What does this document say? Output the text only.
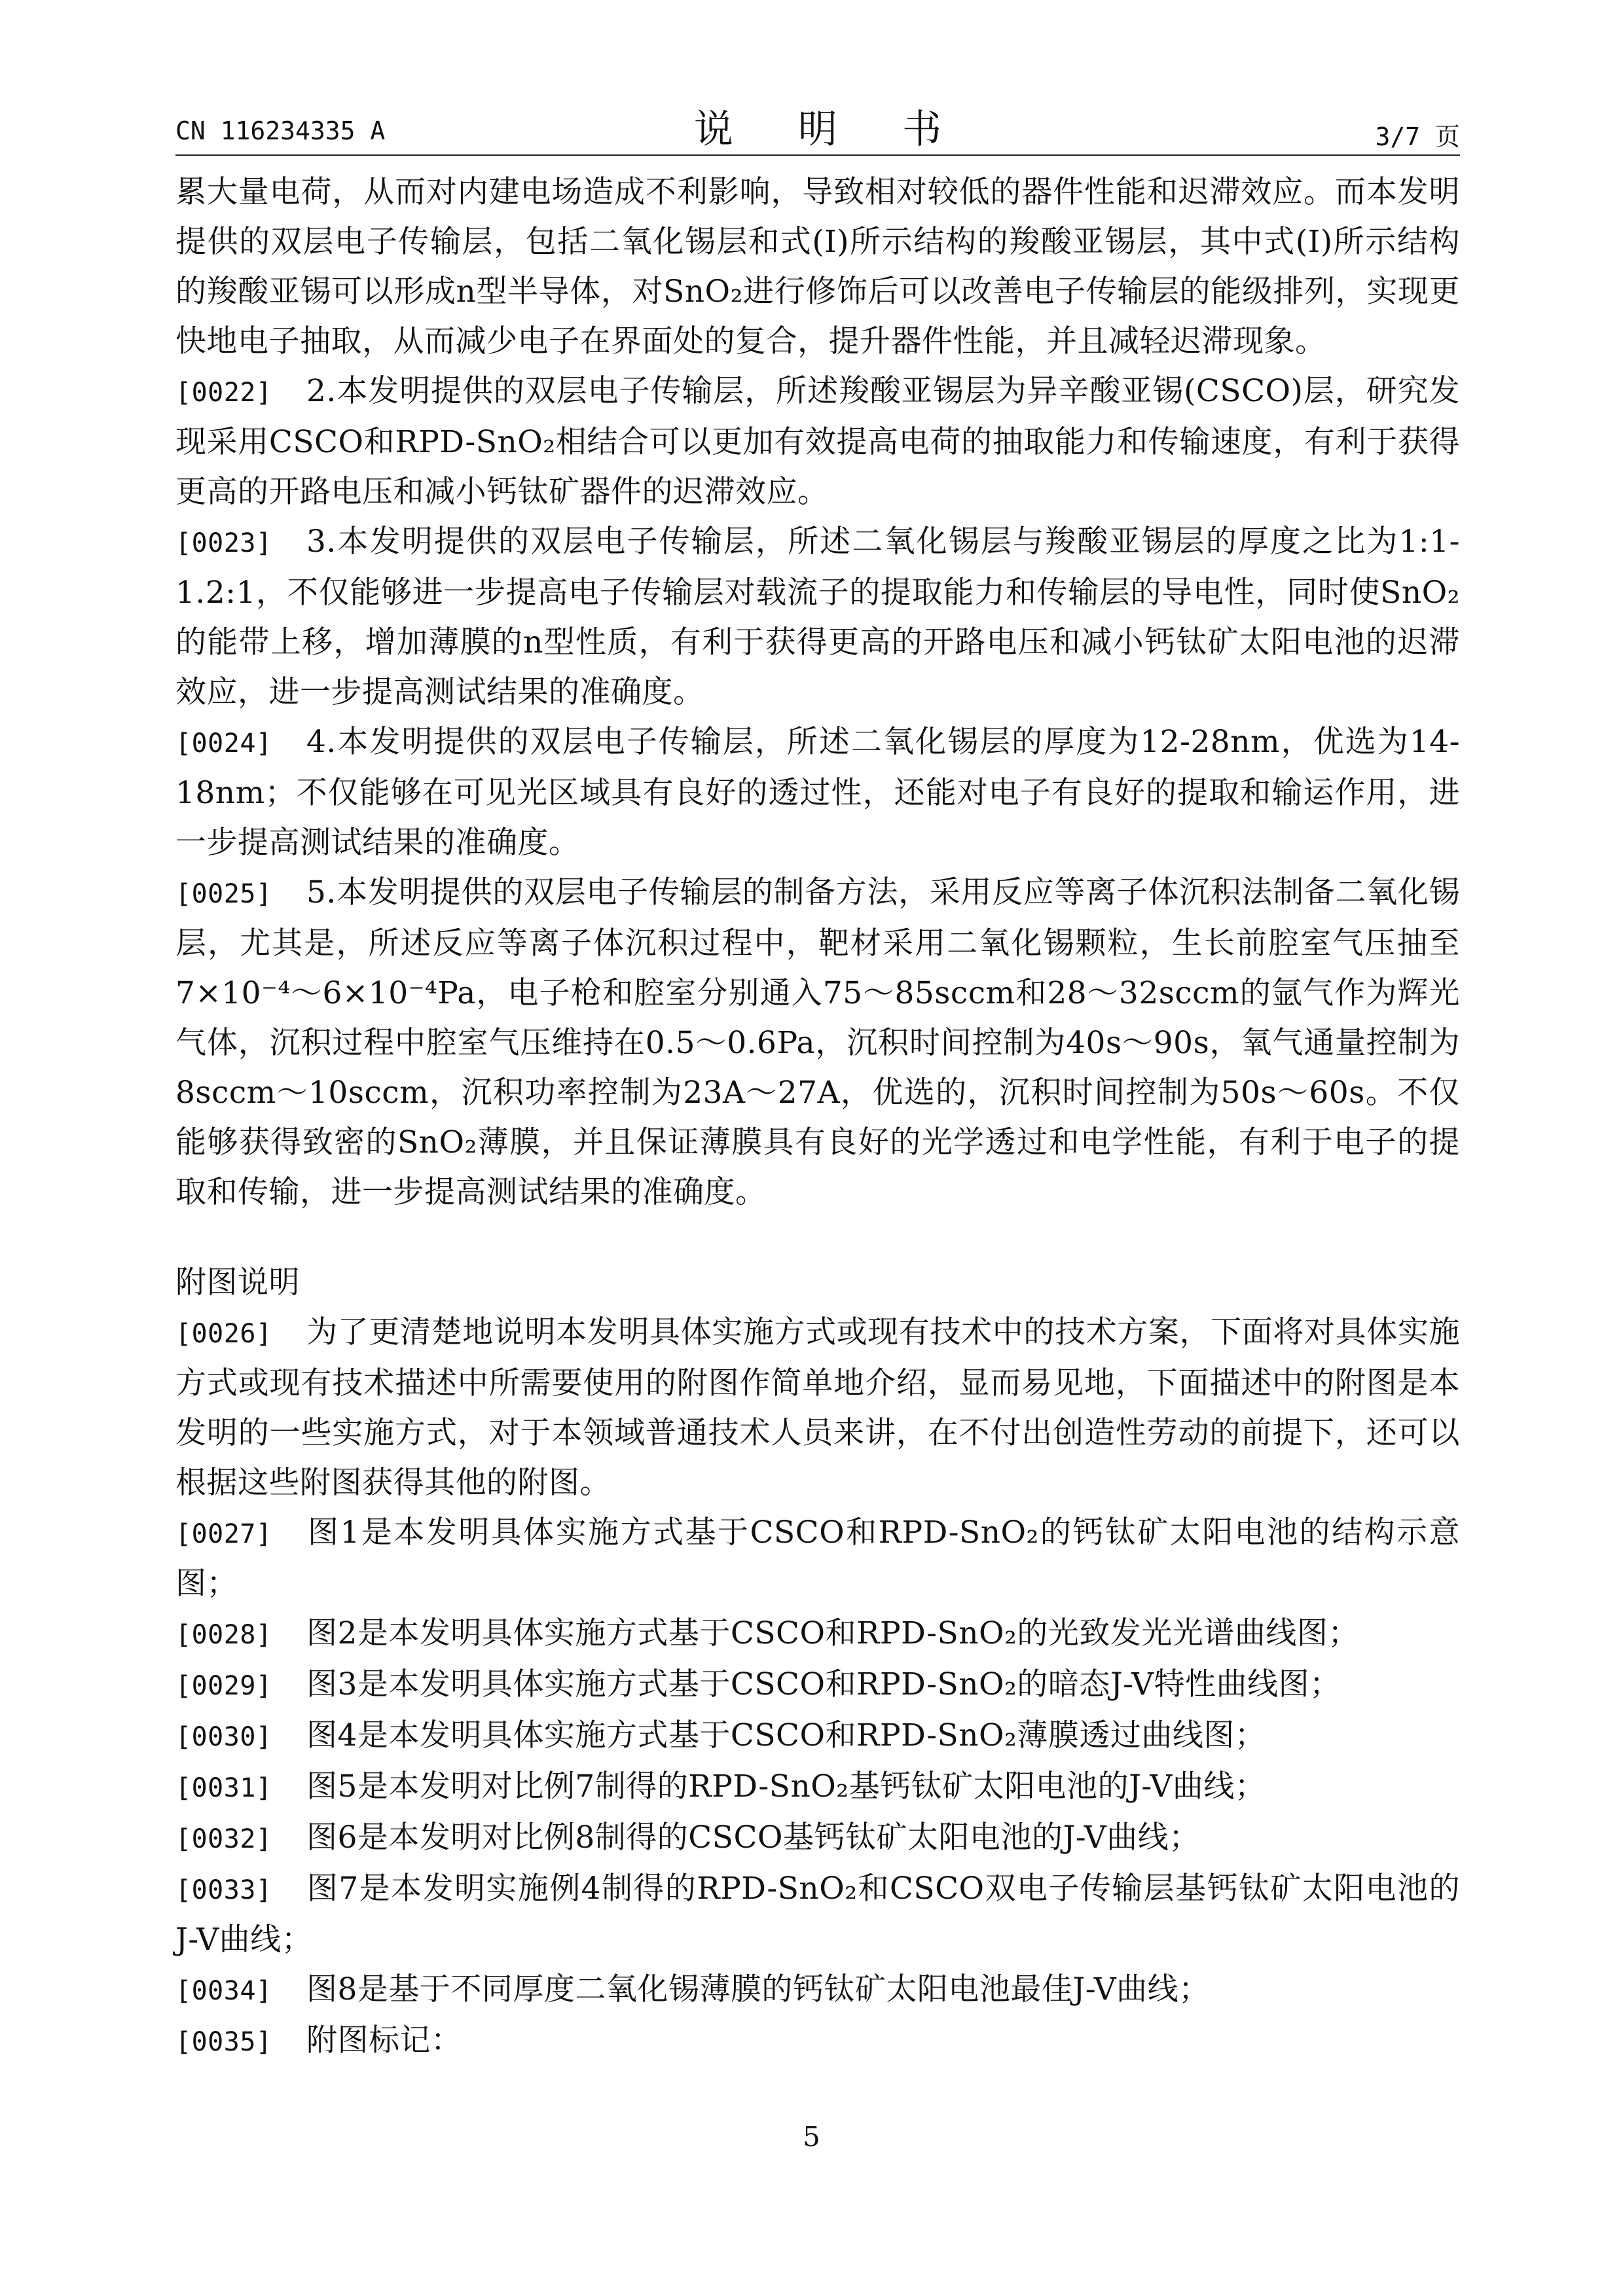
CN 116234335 A	说 明 书	3/7 页

累大量电荷，从而对内建电场造成不利影响，导致相对较低的器件性能和迟滞效应。而本发明提供的双层电子传输层，包括二氧化锡层和式(I)所示结构的羧酸亚锡层，其中式(I)所示结构的羧酸亚锡可以形成n型半导体，对SnO₂进行修饰后可以改善电子传输层的能级排列，实现更快地电子抽取，从而减少电子在界面处的复合，提升器件性能，并且减轻迟滞现象。

[0022] 2.本发明提供的双层电子传输层，所述羧酸亚锡层为异辛酸亚锡(CSCO)层，研究发现采用CSCO和RPD-SnO₂相结合可以更加有效提高电荷的抽取能力和传输速度，有利于获得更高的开路电压和减小钙钛矿器件的迟滞效应。

[0023] 3.本发明提供的双层电子传输层，所述二氧化锡层与羧酸亚锡层的厚度之比为1:1-1.2:1，不仅能够进一步提高电子传输层对载流子的提取能力和传输层的导电性，同时使SnO₂的能带上移，增加薄膜的n型性质，有利于获得更高的开路电压和减小钙钛矿太阳电池的迟滞效应，进一步提高测试结果的准确度。

[0024] 4.本发明提供的双层电子传输层，所述二氧化锡层的厚度为12-28nm，优选为14-18nm；不仅能够在可见光区域具有良好的透过性，还能对电子有良好的提取和输运作用，进一步提高测试结果的准确度。

[0025] 5.本发明提供的双层电子传输层的制备方法，采用反应等离子体沉积法制备二氧化锡层，尤其是，所述反应等离子体沉积过程中，靶材采用二氧化锡颗粒，生长前腔室气压抽至7×10⁻⁴～6×10⁻⁴Pa，电子枪和腔室分别通入75～85sccm和28～32sccm的氩气作为辉光气体，沉积过程中腔室气压维持在0.5～0.6Pa，沉积时间控制为40s～90s，氧气通量控制为8sccm～10sccm，沉积功率控制为23A～27A，优选的，沉积时间控制为50s～60s。不仅能够获得致密的SnO₂薄膜，并且保证薄膜具有良好的光学透过和电学性能，有利于电子的提取和传输，进一步提高测试结果的准确度。

附图说明

[0026] 为了更清楚地说明本发明具体实施方式或现有技术中的技术方案，下面将对具体实施方式或现有技术描述中所需要使用的附图作简单地介绍，显而易见地，下面描述中的附图是本发明的一些实施方式，对于本领域普通技术人员来讲，在不付出创造性劳动的前提下，还可以根据这些附图获得其他的附图。

[0027] 图1是本发明具体实施方式基于CSCO和RPD-SnO₂的钙钛矿太阳电池的结构示意图；

[0028] 图2是本发明具体实施方式基于CSCO和RPD-SnO₂的光致发光光谱曲线图；

[0029] 图3是本发明具体实施方式基于CSCO和RPD-SnO₂的暗态J-V特性曲线图；

[0030] 图4是本发明具体实施方式基于CSCO和RPD-SnO₂薄膜透过曲线图；

[0031] 图5是本发明对比例7制得的RPD-SnO₂基钙钛矿太阳电池的J-V曲线；

[0032] 图6是本发明对比例8制得的CSCO基钙钛矿太阳电池的J-V曲线；

[0033] 图7是本发明实施例4制得的RPD-SnO₂和CSCO双电子传输层基钙钛矿太阳电池的J-V曲线；

[0034] 图8是基于不同厚度二氧化锡薄膜的钙钛矿太阳电池最佳J-V曲线；

[0035] 附图标记：

5
